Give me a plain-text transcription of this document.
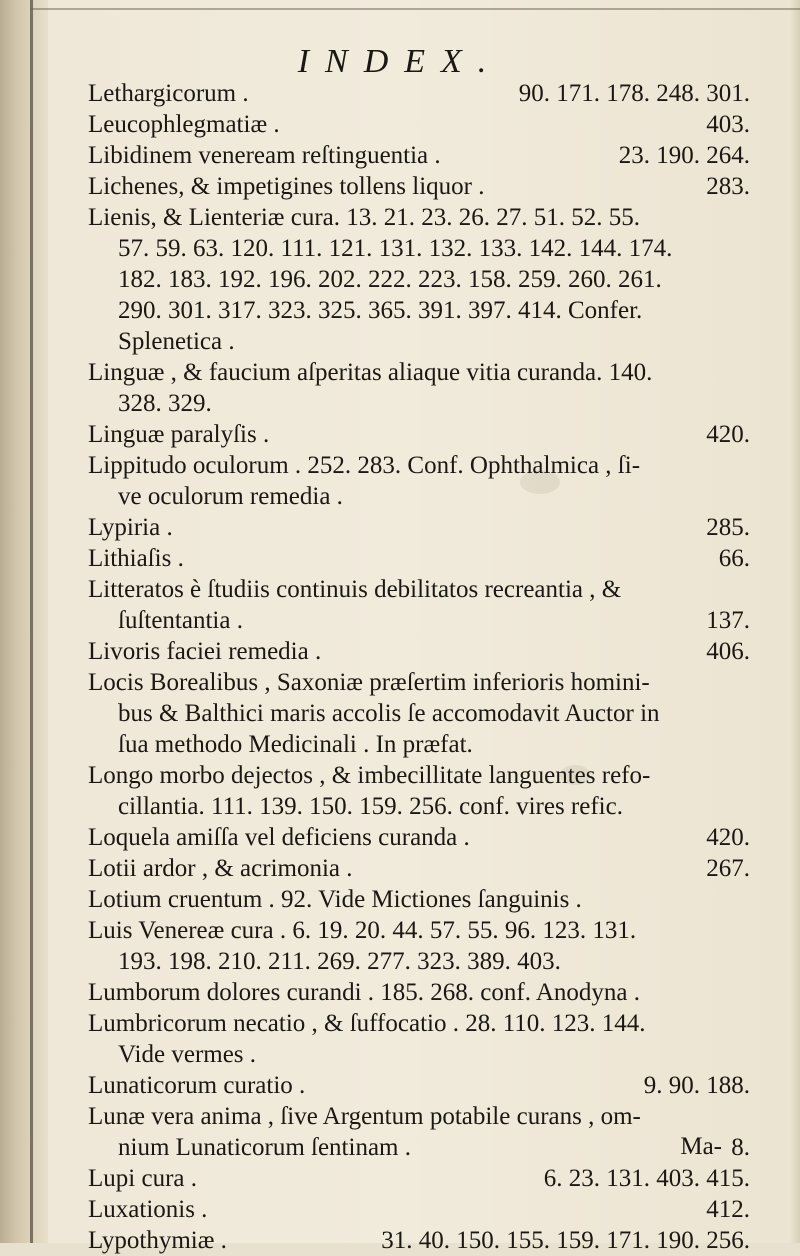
INDEX.
Lethargicorum .	90. 171. 178. 248. 301.
Leucophlegmatiæ .	403.
Libidinem veneream reſtinguentia .	23. 190. 264.
Lichenes, & impetigines tollens liquor .	283.
Lienis, & Lienteriæ cura. 13. 21. 23. 26. 27. 51. 52. 55.
57. 59. 63. 120. 111. 121. 131. 132. 133. 142. 144. 174.
182. 183. 192. 196. 202. 222. 223. 158. 259. 260. 261.
290. 301. 317. 323. 325. 365. 391. 397. 414. Confer.
Splenetica .
Linguæ , & faucium aſperitas aliaque vitia curanda. 140.
328. 329.
Linguæ paralyſis .	420.
Lippitudo oculorum . 252. 283. Conf. Ophthalmica , ſi-
ve oculorum remedia .
Lypiria .	285.
Lithiaſis .	66.
Litteratos è ſtudiis continuis debilitatos recreantia , &
ſuſtentantia .	137.
Livoris faciei remedia .	406.
Locis Borealibus , Saxoniæ præſertim inferioris homini-
bus & Balthici maris accolis ſe accomodavit Auctor in
ſua methodo Medicinali . In præfat.
Longo morbo dejectos , & imbecillitate languentes refo-
cillantia. 111. 139. 150. 159. 256. conf. vires refic.
Loquela amiſſa vel deficiens curanda .	420.
Lotii ardor , & acrimonia .	267.
Lotium cruentum . 92. Vide Mictiones ſanguinis .
Luis Venereæ cura . 6. 19. 20. 44. 57. 55. 96. 123. 131.
193. 198. 210. 211. 269. 277. 323. 389. 403.
Lumborum dolores curandi . 185. 268. conf. Anodyna .
Lumbricorum necatio , & ſuffocatio . 28. 110. 123. 144.
Vide vermes .
Lunaticorum curatio .	9. 90. 188.
Lunæ vera anima , ſive Argentum potabile curans , om-
nium Lunaticorum ſentinam .	8.
Lupi cura .	6. 23. 131. 403. 415.
Luxationis .	412.
Lypothymiæ .	31. 40. 150. 155. 159. 171. 190. 256.
Ma-
